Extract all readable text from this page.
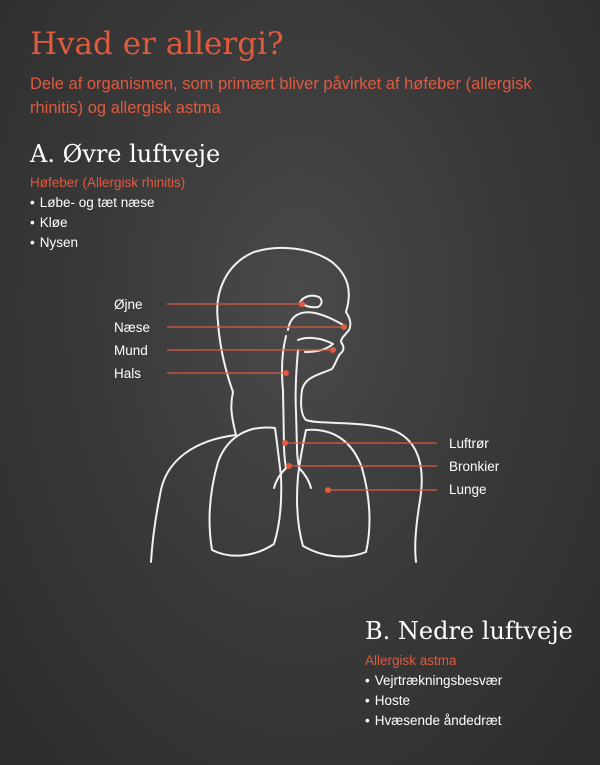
Hvad er allergi?
Dele af organismen, som primært bliver påvirket af høfeber (allergisk rhinitis) og allergisk astma
A. Øvre luftveje
Høfeber (Allergisk rhinitis)
• Løbe- og tæt næse
• Kløe
• Nysen
Øjne
Næse
Mund
Hals
Luftrør
Bronkier
Lunge
B. Nedre luftveje
Allergisk astma
• Vejrtrækningsbesvær
• Hoste
• Hvæsende åndedræt
